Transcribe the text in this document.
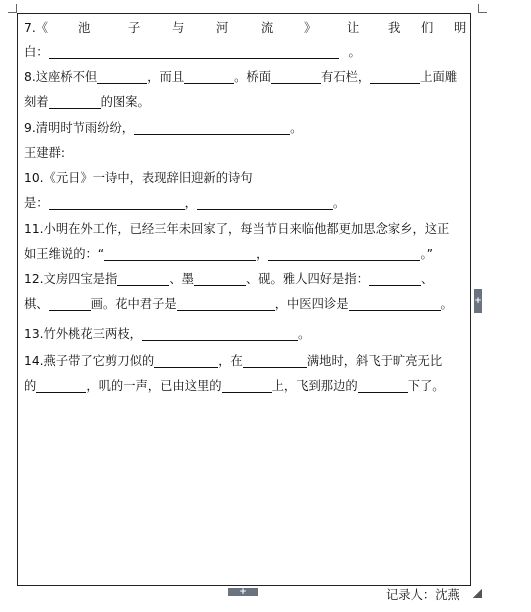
7.《 池	子	与	河	流 》 让 我 们 明
白：	。
8.这座桥不但	，而且	。桥面	有石栏，	上面雕
刻着	的图案。
9.清明时节雨纷纷，	。
王建群:
10.《元日》一诗中，表现辞旧迎新的诗句
是：	，	。
11.小明在外工作，已经三年未回家了，每当节日来临他都更加思念家乡，这正
如王维说的：“	，	。”
12.文房四宝是指	、墨	、砚。雅人四好是指：	、
棋、	画。花中君子是	，中医四诊是	。
13.竹外桃花三两枝，	。
14.燕子带了它剪刀似的	，在	满地时，斜飞于旷亮无比
的	，叽的一声，已由这里的	上，飞到那边的	下了。
+
+	记录人：沈燕
